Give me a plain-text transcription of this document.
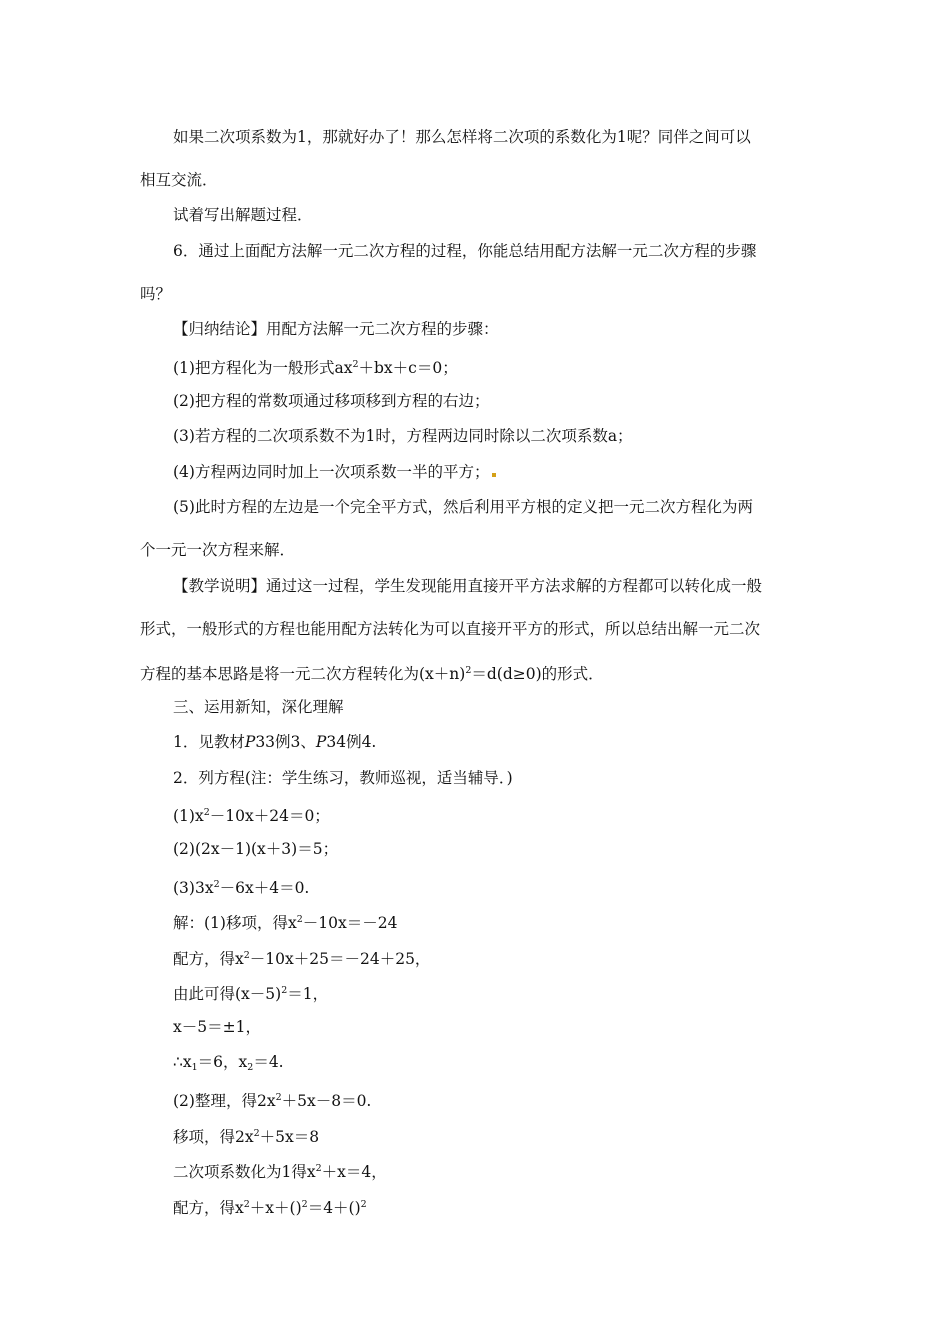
如果二次项系数为1，那就好办了！那么怎样将二次项的系数化为1呢？同伴之间可以
相互交流．
试着写出解题过程．
6．通过上面配方法解一元二次方程的过程，你能总结用配方法解一元二次方程的步骤
吗？
【归纳结论】用配方法解一元二次方程的步骤：
(1)把方程化为一般形式$ax^2+bx+c=0$；
(2)把方程的常数项通过移项移到方程的右边；
(3)若方程的二次项系数不为1时，方程两边同时除以二次项系数a；
(4)方程两边同时加上一次项系数一半的平方；
(5)此时方程的左边是一个完全平方式，然后利用平方根的定义把一元二次方程化为两
个一元一次方程来解．
【教学说明】通过这一过程，学生发现能用直接开平方法求解的方程都可以转化成一般
形式，一般形式的方程也能用配方法转化为可以直接开平方的形式，所以总结出解一元二次
方程的基本思路是将一元二次方程转化为$(x+n)^2=d(d\ge 0)$的形式．
三、运用新知，深化理解
1．见教材P33例3、P34例4.
2．列方程(注：学生练习，教师巡视，适当辅导．)
$(1)x^2-10x+24=0$；
(2)(2x－1)(x＋3)＝5；
$(3)3x^2-6x+4=0$.
解：(1)移项，得$x^2-10x=-24$
配方，得$x^2-10x+25=-24+25$，
由此可得$(x-5)^2=1$，
x－5＝±1，
$\therefore x_1=6$，$x_2=4$.
(2)整理，得$2x^2+5x-8=0$.
移项，得$2x^2+5x=8$
二次项系数化为1得$x^2+x=4$，
配方，得$x^2+x+()^2=4+()^2$
